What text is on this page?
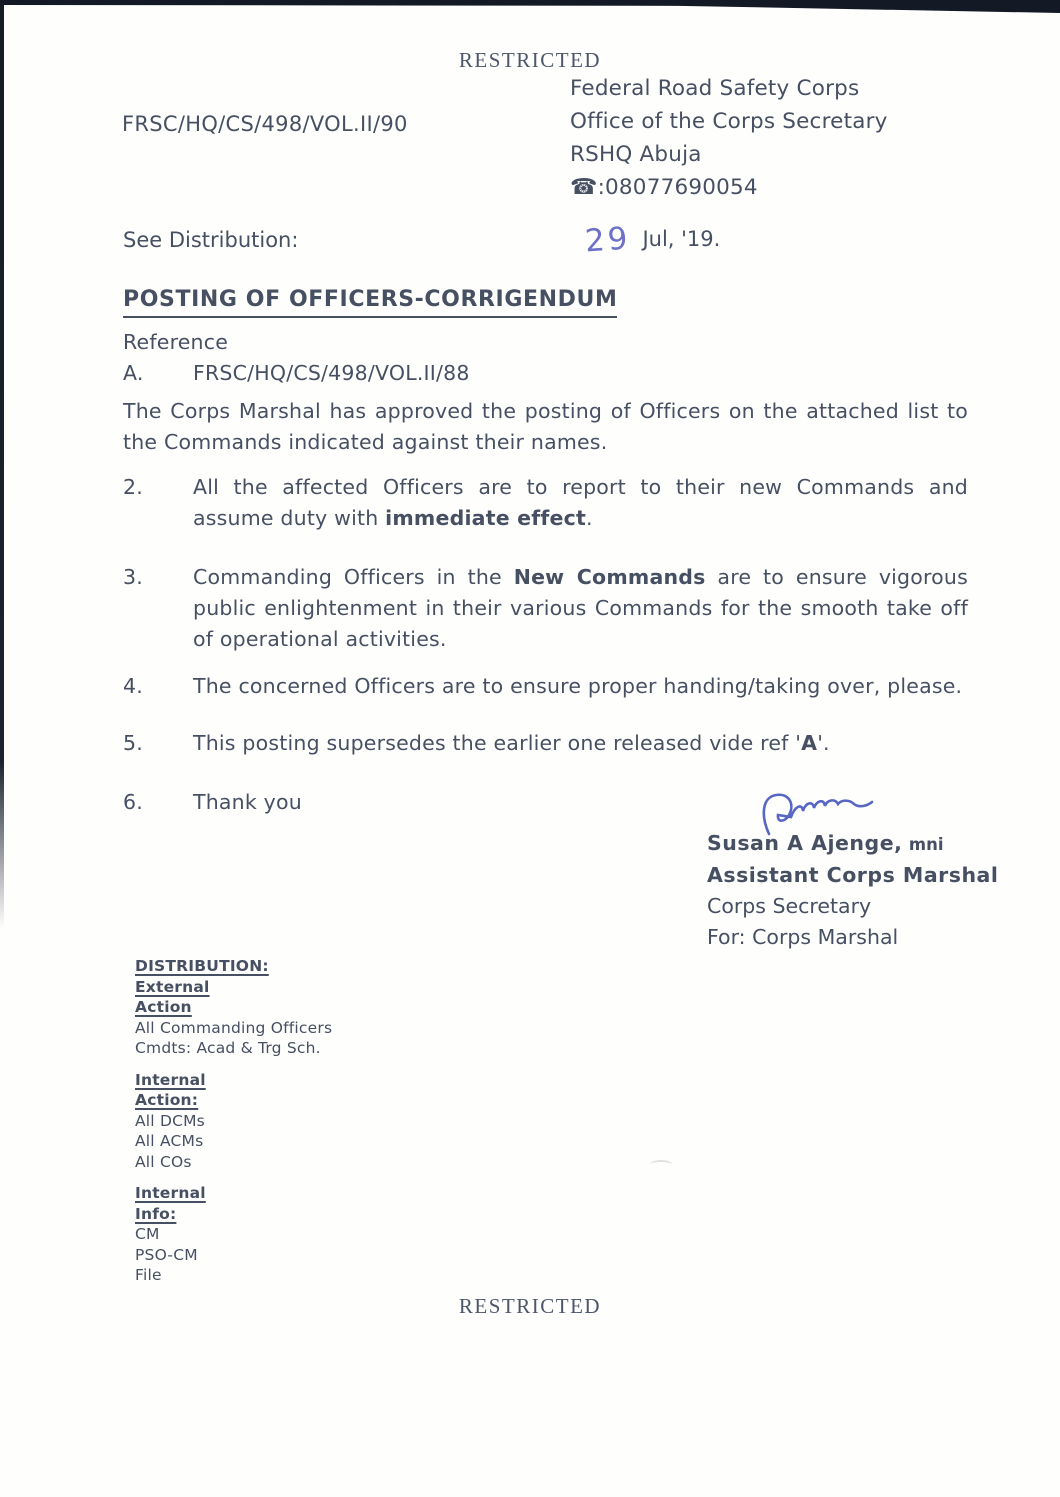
RESTRICTED
Federal Road Safety Corps
Office of the Corps Secretary
RSHQ Abuja
☎:08077690054
FRSC/HQ/CS/498/VOL.II/90
See Distribution:	29 Jul, '19.
POSTING OF OFFICERS-CORRIGENDUM
Reference
A.	FRSC/HQ/CS/498/VOL.II/88
The Corps Marshal has approved the posting of Officers on the attached list to the Commands indicated against their names.
2.	All the affected Officers are to report to their new Commands and assume duty with immediate effect.
3.	Commanding Officers in the New Commands are to ensure vigorous public enlightenment in their various Commands for the smooth take off of operational activities.
4.	The concerned Officers are to ensure proper handing/taking over, please.
5.	This posting supersedes the earlier one released vide ref 'A'.
6.	Thank you
Susan A Ajenge, mni
Assistant Corps Marshal
Corps Secretary
For: Corps Marshal
DISTRIBUTION:
External
Action
All Commanding Officers
Cmdts: Acad & Trg Sch.
Internal
Action:
All DCMs
All ACMs
All COs
Internal
Info:
CM
PSO-CM
File
RESTRICTED
